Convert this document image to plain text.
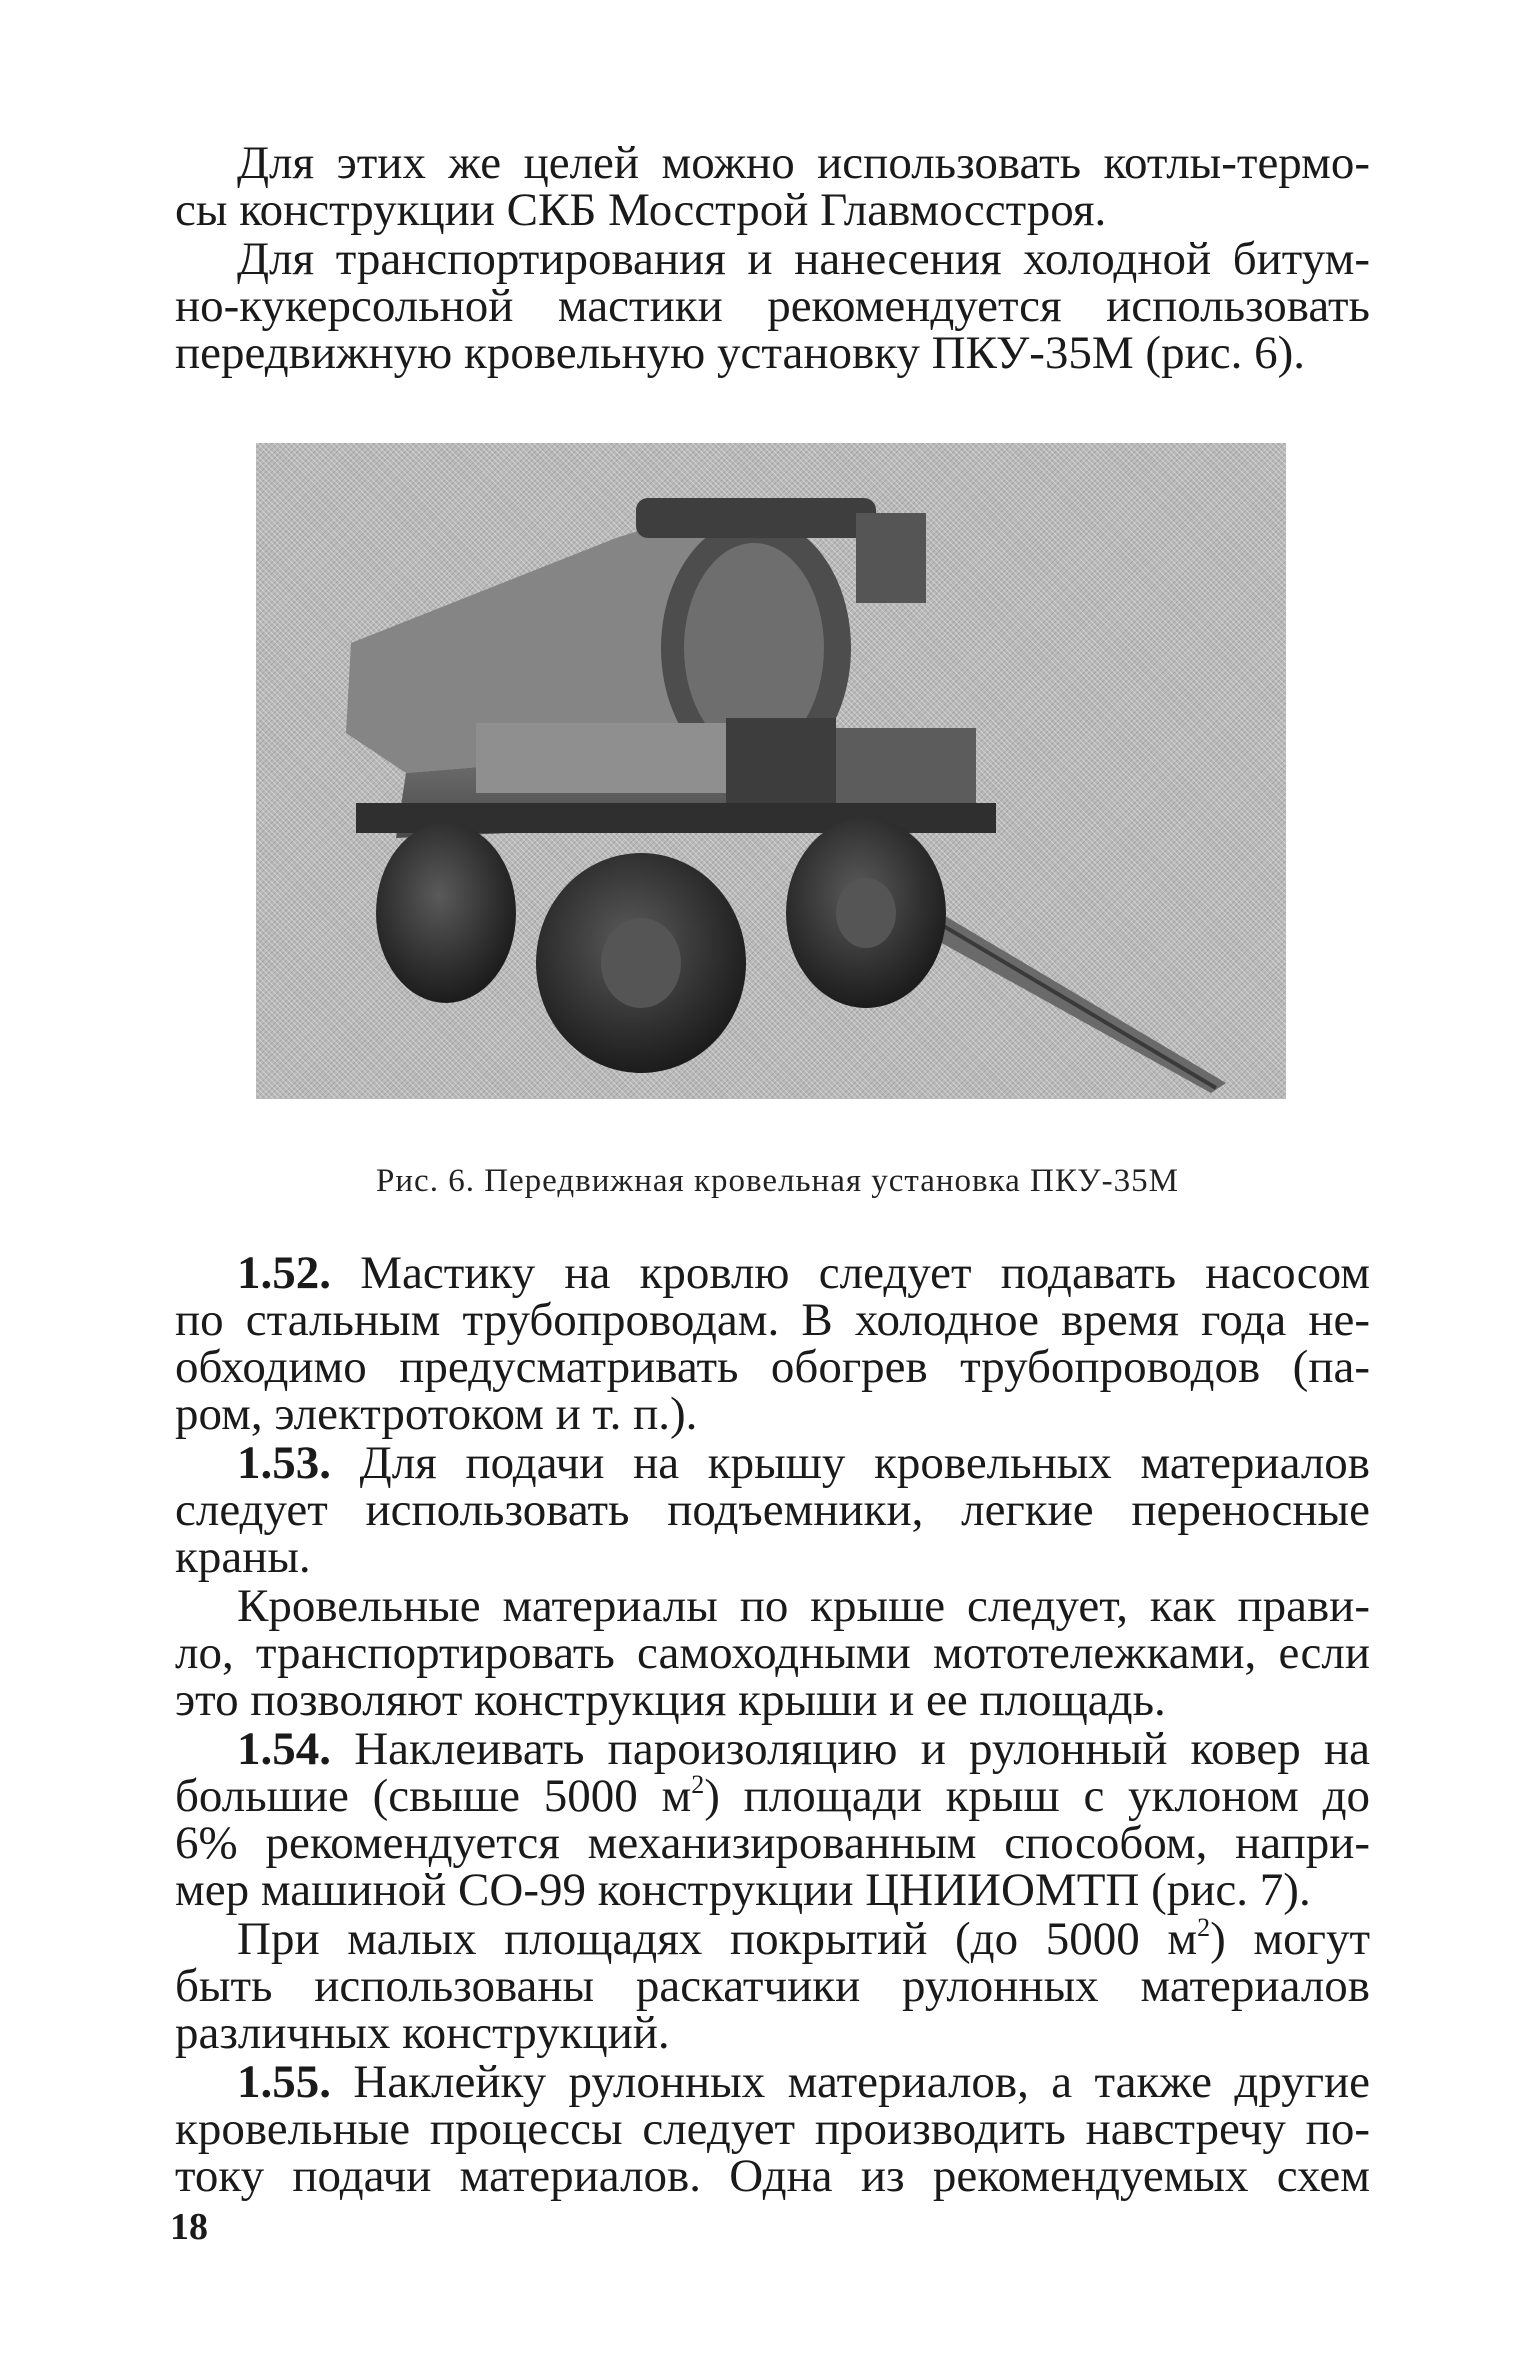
Для этих же целей можно использовать котлы-термо-

сы конструкции СКБ Мосстрой Главмосстроя.

Для транспортирования и нанесения холодной битум-

но-кукерсольной мастики рекомендуется использовать

передвижную кровельную установку ПКУ-35М (рис. 6).

Рис. 6. Передвижная кровельная установка ПКУ-35М

1.52. Мастику на кровлю следует подавать насосом

по стальным трубопроводам. В холодное время года не-

обходимо предусматривать обогрев трубопроводов (па-

ром, электротоком и т. п.).

1.53. Для подачи на крышу кровельных материалов

следует использовать подъемники, легкие переносные

краны.

Кровельные материалы по крыше следует, как прави-

ло, транспортировать самоходными мототележками, если

это позволяют конструкция крыши и ее площадь.

1.54. Наклеивать пароизоляцию и рулонный ковер на

большие (свыше 5000 $м^2$) площади крыш с уклоном до

6% рекомендуется механизированным способом, напри-

мер машиной СО-99 конструкции ЦНИИОМТП (рис. 7).

При малых площадях покрытий (до 5000 $м^2$) могут

быть использованы раскатчики рулонных материалов

различных конструкций.

1.55. Наклейку рулонных материалов, а также другие

кровельные процессы следует производить навстречу по-

току подачи материалов. Одна из рекомендуемых схем

18
